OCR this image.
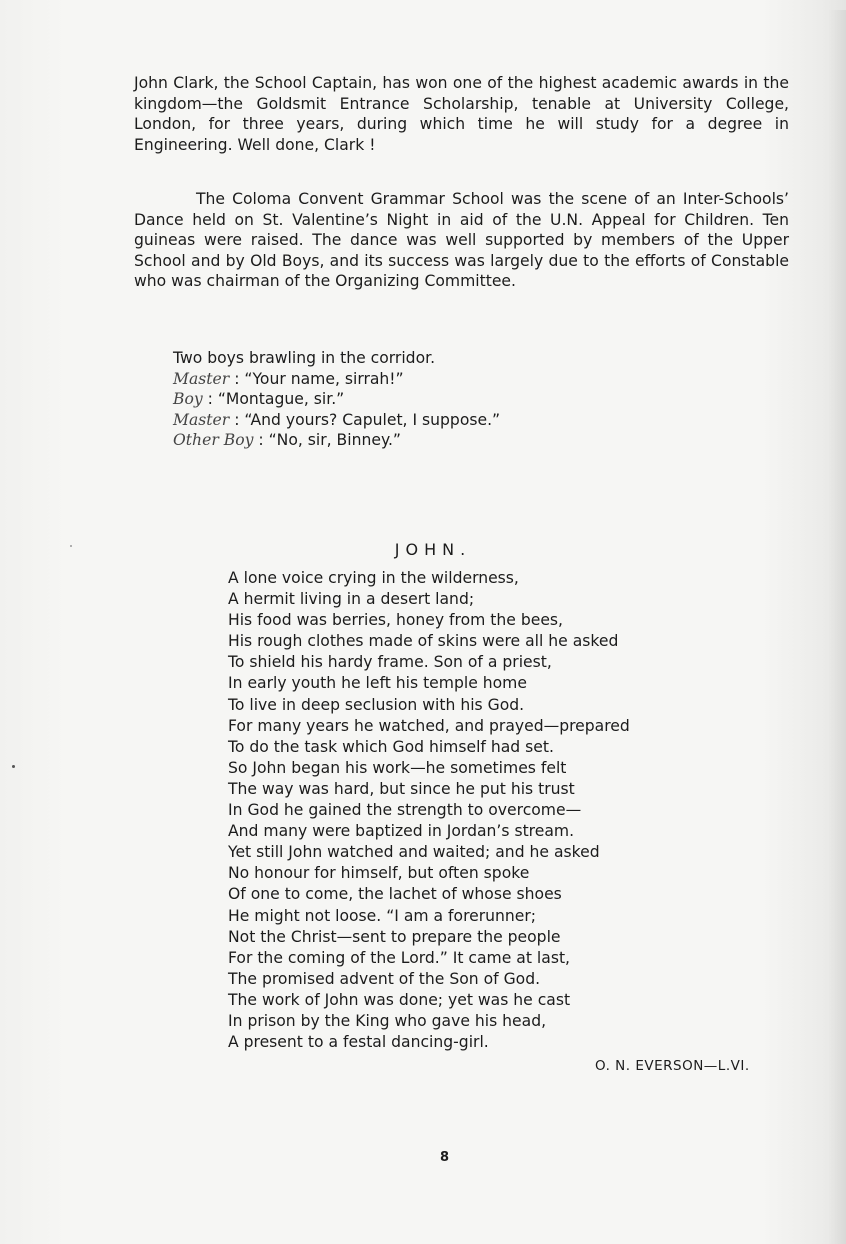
John Clark, the School Captain, has won one of the highest academic awards in the kingdom—the Goldsmit Entrance Scholarship, tenable at University College, London, for three years, during which time he will study for a degree in Engineering. Well done, Clark !

The Coloma Convent Grammar School was the scene of an Inter-Schools’ Dance held on St. Valentine’s Night in aid of the U.N. Appeal for Children. Ten guineas were raised. The dance was well supported by members of the Upper School and by Old Boys, and its success was largely due to the efforts of Constable who was chairman of the Organizing Committee.

Two boys brawling in the corridor.
Master : “Your name, sirrah!”
Boy : “Montague, sir.”
Master : “And yours? Capulet, I suppose.”
Other Boy : “No, sir, Binney.”
JOHN.
A lone voice crying in the wilderness,
A hermit living in a desert land;
His food was berries, honey from the bees,
His rough clothes made of skins were all he asked
To shield his hardy frame. Son of a priest,
In early youth he left his temple home
To live in deep seclusion with his God.
For many years he watched, and prayed—prepared
To do the task which God himself had set.
So John began his work—he sometimes felt
The way was hard, but since he put his trust
In God he gained the strength to overcome—
And many were baptized in Jordan’s stream.
Yet still John watched and waited; and he asked
No honour for himself, but often spoke
Of one to come, the lachet of whose shoes
He might not loose. “I am a forerunner;
Not the Christ—sent to prepare the people
For the coming of the Lord.” It came at last,
The promised advent of the Son of God.
The work of John was done; yet was he cast
In prison by the King who gave his head,
A present to a festal dancing-girl.
O. N. EVERSON—L.VI.
8
